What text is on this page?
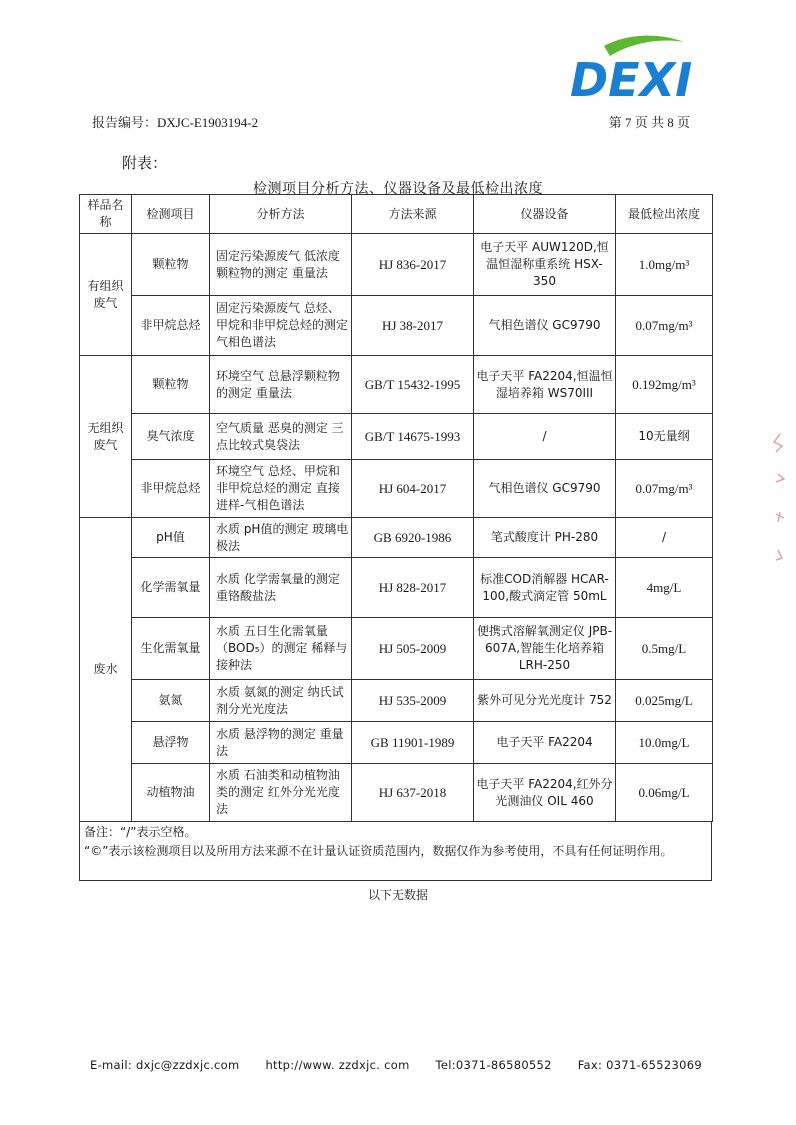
DEXI
报告编号：DXJC-E1903194-2	第 7 页 共 8 页
附表：
检测项目分析方法、仪器设备及最低检出浓度
样品名称	检测项目	分析方法	方法来源	仪器设备	最低检出浓度
有组织废气	颗粒物	固定污染源废气 低浓度颗粒物的测定 重量法	HJ 836-2017	电子天平 AUW120D,恒温恒湿称重系统 HSX-350	1.0mg/m³
	非甲烷总烃	固定污染源废气 总烃、甲烷和非甲烷总烃的测定 气相色谱法	HJ 38-2017	气相色谱仪 GC9790	0.07mg/m³
无组织废气	颗粒物	环境空气 总悬浮颗粒物的测定 重量法	GB/T 15432-1995	电子天平 FA2204,恒温恒湿培养箱 WS70III	0.192mg/m³
	臭气浓度	空气质量 恶臭的测定 三点比较式臭袋法	GB/T 14675-1993	/	10无量纲
	非甲烷总烃	环境空气 总烃、甲烷和非甲烷总烃的测定 直接进样-气相色谱法	HJ 604-2017	气相色谱仪 GC9790	0.07mg/m³
废水	pH值	水质 pH值的测定 玻璃电极法	GB 6920-1986	笔式酸度计 PH-280	/
	化学需氧量	水质 化学需氧量的测定 重铬酸盐法	HJ 828-2017	标准COD消解器 HCAR-100,酸式滴定管 50mL	4mg/L
	生化需氧量	水质 五日生化需氧量（BOD₅）的测定 稀释与接种法	HJ 505-2009	便携式溶解氧测定仪 JPB-607A,智能生化培养箱 LRH-250	0.5mg/L
	氨氮	水质 氨氮的测定 纳氏试剂分光光度法	HJ 535-2009	紫外可见分光光度计 752	0.025mg/L
	悬浮物	水质 悬浮物的测定 重量法	GB 11901-1989	电子天平 FA2204	10.0mg/L
	动植物油	水质 石油类和动植物油类的测定 红外分光光度法	HJ 637-2018	电子天平 FA2204,红外分光测油仪 OIL 460	0.06mg/L
备注：“/”表示空格。
“©”表示该检测项目以及所用方法来源不在计量认证资质范围内，数据仅作为参考使用，不具有任何证明作用。
以下无数据
E-mail: dxjc@zzdxjc.com http://www. zzdxjc. com Tel:0371-86580552 Fax: 0371-65523069
